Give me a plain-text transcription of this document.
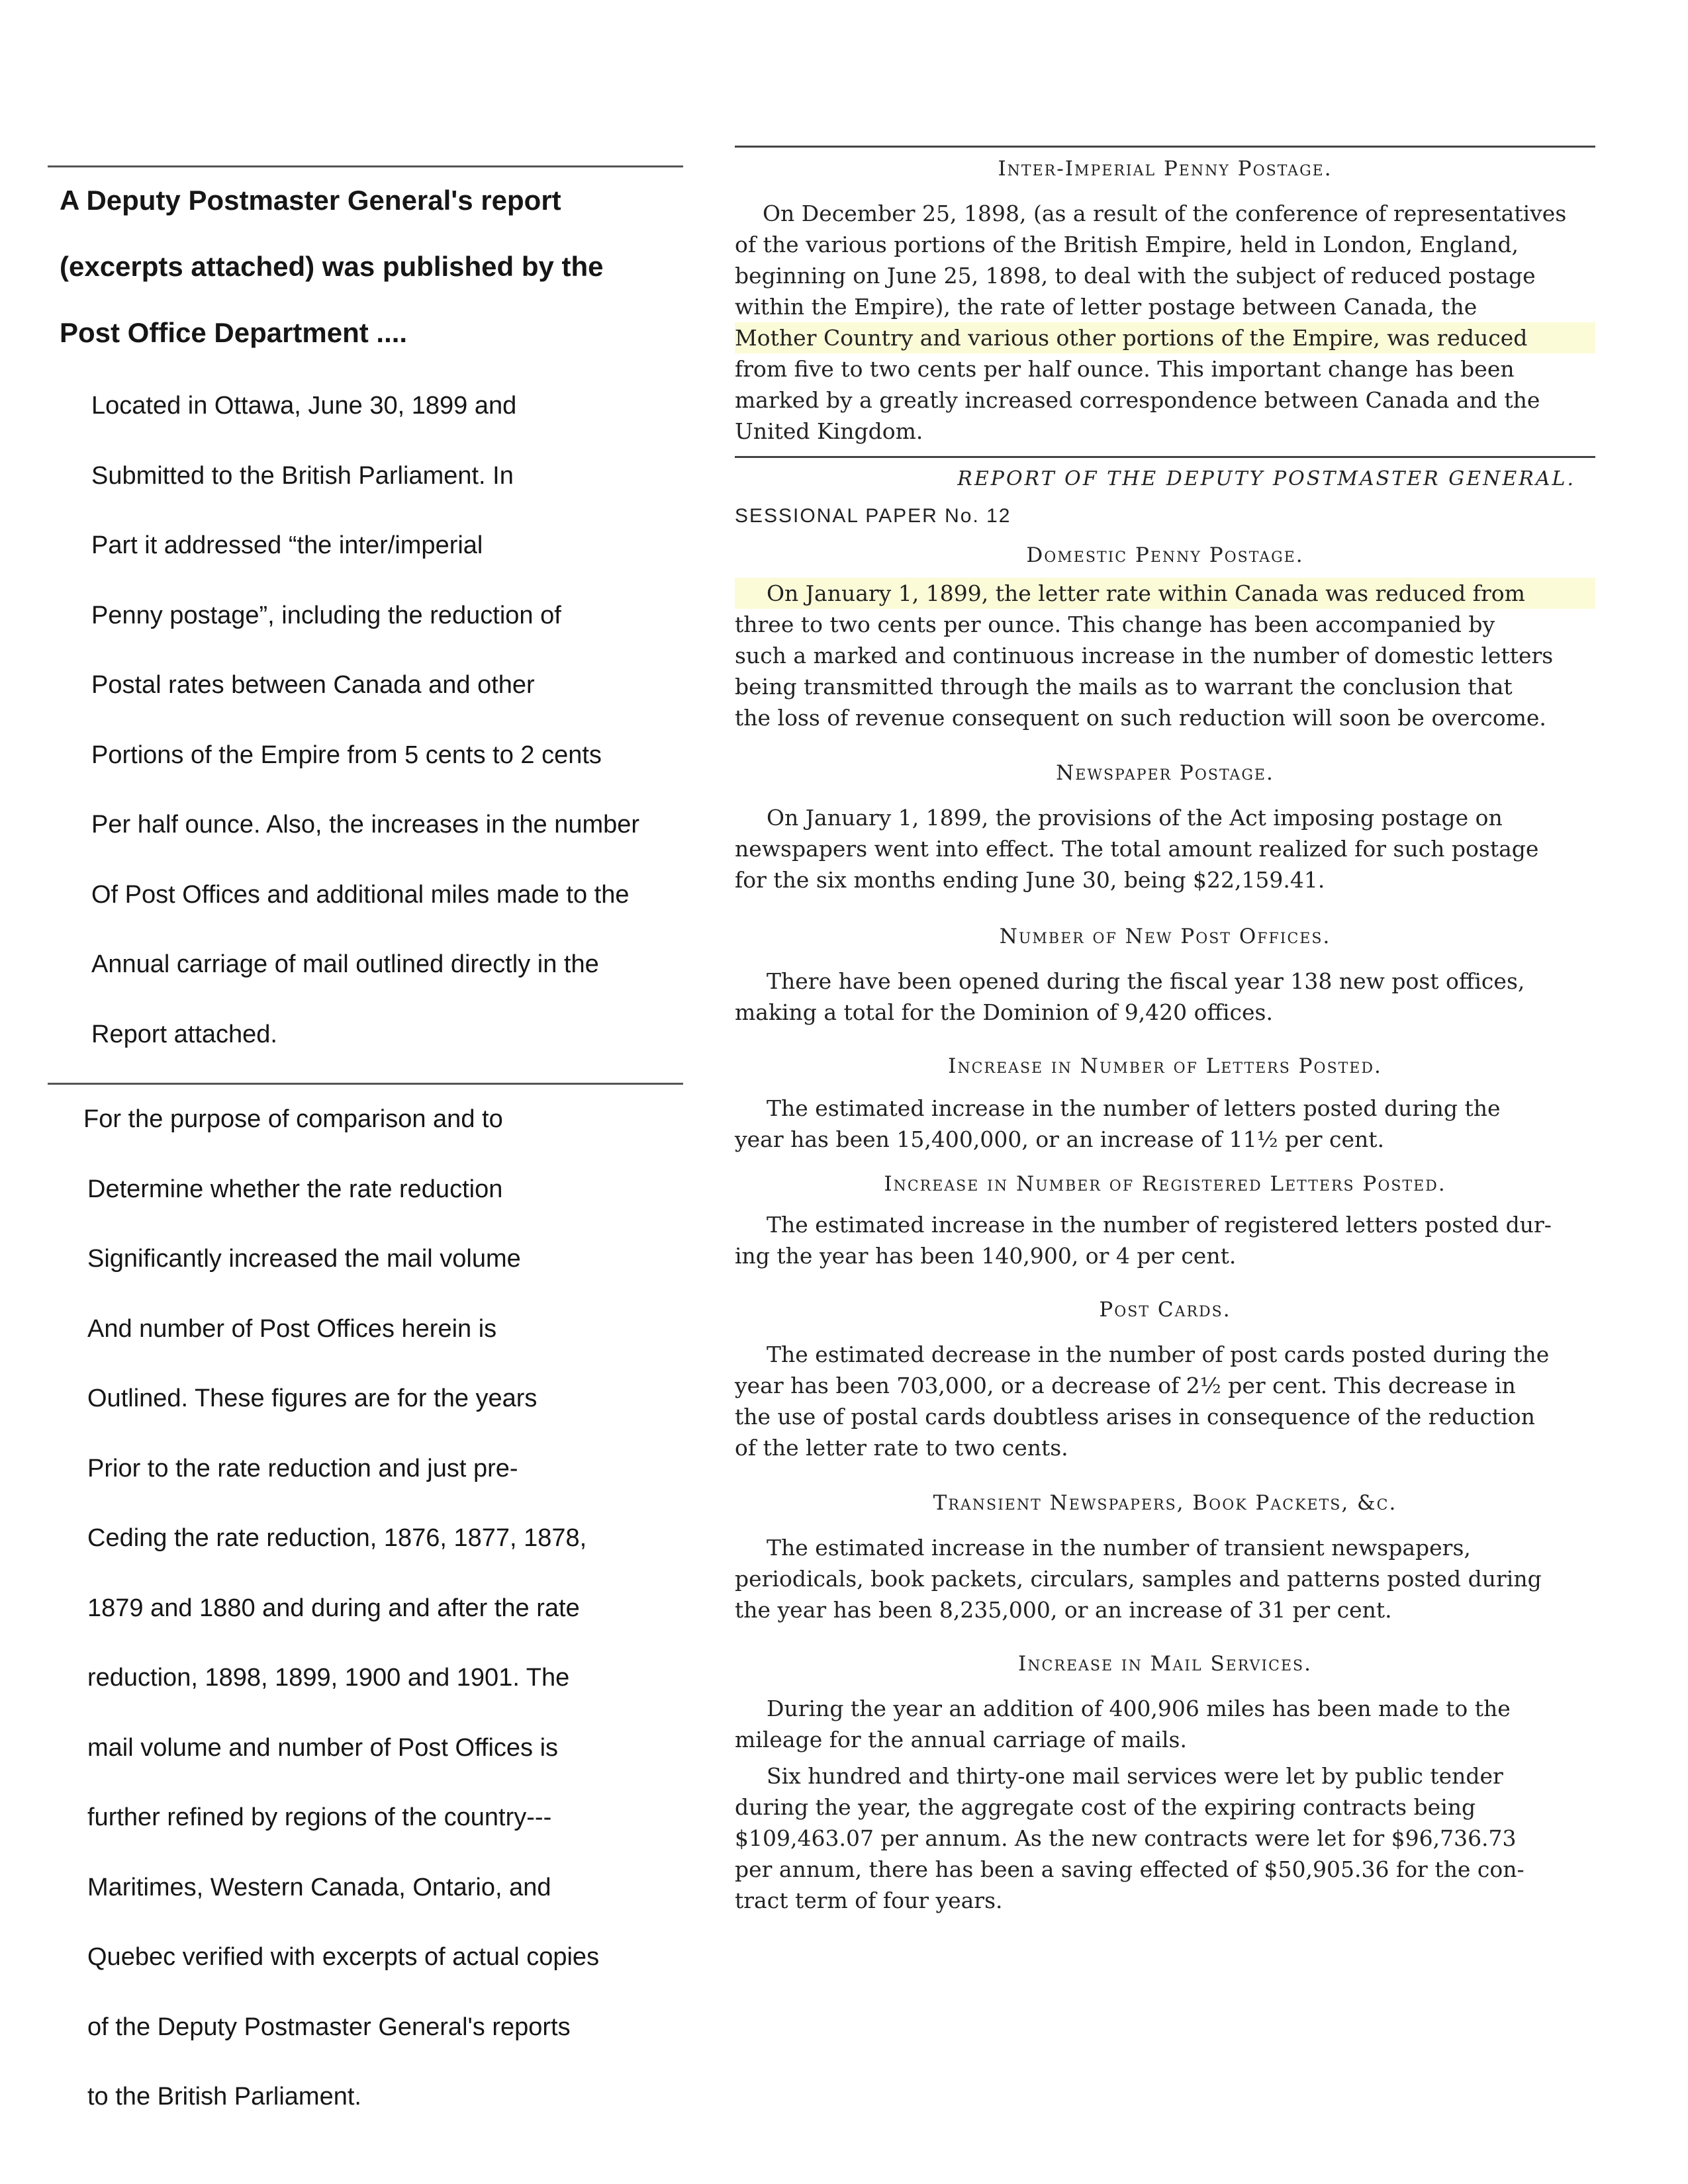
A Deputy Postmaster General's report
(excerpts attached) was published by the
Post Office Department ....
Located in Ottawa, June 30, 1899 and
Submitted to the British Parliament. In
Part it addressed “the inter/imperial
Penny postage”, including the reduction of
Postal rates between Canada and other
Portions of the Empire from 5 cents to 2 cents
Per half ounce. Also, the increases in the number
Of Post Offices and additional miles made to the
Annual carriage of mail outlined directly in the
Report attached.
For the purpose of comparison and to
Determine whether the rate reduction
Significantly increased the mail volume
And number of Post Offices herein is
Outlined. These figures are for the years
Prior to the rate reduction and just pre-
Ceding the rate reduction, 1876, 1877, 1878,
1879 and 1880 and during and after the rate
reduction, 1898, 1899, 1900 and 1901. The
mail volume and number of Post Offices is
further refined by regions of the country---
Maritimes, Western Canada, Ontario, and
Quebec verified with excerpts of actual copies
of the Deputy Postmaster General's reports
to the British Parliament.

Inter-Imperial Penny Postage.

On December 25, 1898, (as a result of the conference of representatives
of the various portions of the British Empire, held in London, England,
beginning on June 25, 1898, to deal with the subject of reduced postage
within the Empire), the rate of letter postage between Canada, the
Mother Country and various other portions of the Empire, was reduced
from five to two cents per half ounce. This important change has been
marked by a greatly increased correspondence between Canada and the
United Kingdom.

REPORT OF THE DEPUTY POSTMASTER GENERAL.

SESSIONAL PAPER No. 12

Domestic Penny Postage.

On January 1, 1899, the letter rate within Canada was reduced from
three to two cents per ounce. This change has been accompanied by
such a marked and continuous increase in the number of domestic letters
being transmitted through the mails as to warrant the conclusion that
the loss of revenue consequent on such reduction will soon be overcome.

Newspaper Postage.

On January 1, 1899, the provisions of the Act imposing postage on
newspapers went into effect. The total amount realized for such postage
for the six months ending June 30, being $22,159.41.

Number of New Post Offices.

There have been opened during the fiscal year 138 new post offices,
making a total for the Dominion of 9,420 offices.

Increase in Number of Letters Posted.

The estimated increase in the number of letters posted during the
year has been 15,400,000, or an increase of 11½ per cent.

Increase in Number of Registered Letters Posted.

The estimated increase in the number of registered letters posted dur-
ing the year has been 140,900, or 4 per cent.

Post Cards.

The estimated decrease in the number of post cards posted during the
year has been 703,000, or a decrease of 2½ per cent. This decrease in
the use of postal cards doubtless arises in consequence of the reduction
of the letter rate to two cents.

Transient Newspapers, Book Packets, &c.

The estimated increase in the number of transient newspapers,
periodicals, book packets, circulars, samples and patterns posted during
the year has been 8,235,000, or an increase of 31 per cent.

Increase in Mail Services.

During the year an addition of 400,906 miles has been made to the
mileage for the annual carriage of mails.
Six hundred and thirty-one mail services were let by public tender
during the year, the aggregate cost of the expiring contracts being
$109,463.07 per annum. As the new contracts were let for $96,736.73
per annum, there has been a saving effected of $50,905.36 for the con-
tract term of four years.
